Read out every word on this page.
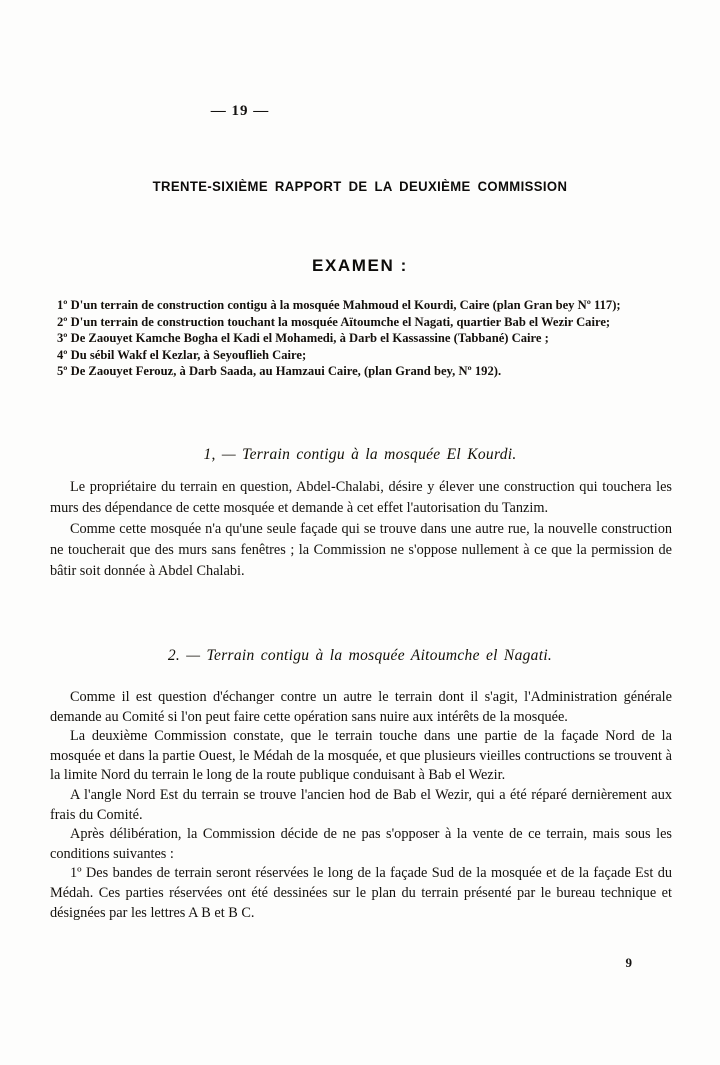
— 19 —
TRENTE-SIXIÈME RAPPORT DE LA DEUXIÈME COMMISSION
EXAMEN :
1º D'un terrain de construction contigu à la mosquée Mahmoud el Kourdi, Caire (plan Gran bey Nº 117);
2º D'un terrain de construction touchant la mosquée Aïtoumche el Nagati, quartier Bab el Wezir Caire;
3º De Zaouyet Kamche Bogha el Kadi el Mohamedi, à Darb el Kassassine (Tabbané) Caire ;
4º Du sébil Wakf el Kezlar, à Seyouflieh Caire;
5º De Zaouyet Ferouz, à Darb Saada, au Hamzaui Caire, (plan Grand bey, Nº 192).
1, — Terrain contigu à la mosquée El Kourdi.

Le propriétaire du terrain en question, Abdel-Chalabi, désire y élever une construction qui touchera les murs des dépendance de cette mosquée et demande à cet effet l'autorisation du Tanzim.

Comme cette mosquée n'a qu'une seule façade qui se trouve dans une autre rue, la nouvelle construction ne toucherait que des murs sans fenêtres ; la Commission ne s'oppose nullement à ce que la permission de bâtir soit donnée à Abdel Chalabi.

2. — Terrain contigu à la mosquée Aitoumche el Nagati.

Comme il est question d'échanger contre un autre le terrain dont il s'agit, l'Administration générale demande au Comité si l'on peut faire cette opération sans nuire aux intérêts de la mosquée.

La deuxième Commission constate, que le terrain touche dans une partie de la façade Nord de la mosquée et dans la partie Ouest, le Médah de la mosquée, et que plusieurs vieilles contructions se trouvent à la limite Nord du terrain le long de la route publique conduisant à Bab el Wezir.

A l'angle Nord Est du terrain se trouve l'ancien hod de Bab el Wezir, qui a été réparé dernièrement aux frais du Comité.

Après délibération, la Commission décide de ne pas s'opposer à la vente de ce terrain, mais sous les conditions suivantes :

1º Des bandes de terrain seront réservées le long de la façade Sud de la mosquée et de la façade Est du Médah. Ces parties réservées ont été dessinées sur le plan du terrain présenté par le bureau technique et désignées par les lettres A B et B C.

9
